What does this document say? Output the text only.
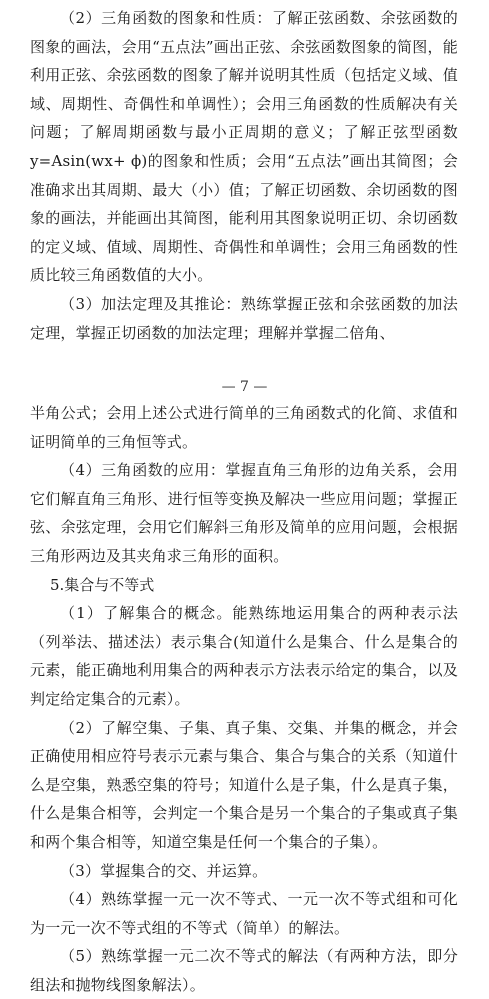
（2）三角函数的图象和性质：了解正弦函数、余弦函数的图象的画法，会用“五点法”画出正弦、余弦函数图象的简图，能利用正弦、余弦函数的图象了解并说明其性质（包括定义域、值域、周期性、奇偶性和单调性）；会用三角函数的性质解决有关问题；了解周期函数与最小正周期的意义；了解正弦型函数 y=Asin(wx+ ϕ)的图象和性质；会用“五点法”画出其简图；会准确求出其周期、最大（小）值；了解正切函数、余切函数的图象的画法，并能画出其简图，能利用其图象说明正切、余切函数的定义域、值域、周期性、奇偶性和单调性；会用三角函数的性质比较三角函数值的大小。

（3）加法定理及其推论：熟练掌握正弦和余弦函数的加法定理，掌握正切函数的加法定理；理解并掌握二倍角、

— 7 —

半角公式；会用上述公式进行简单的三角函数式的化简、求值和证明简单的三角恒等式。

（4）三角函数的应用：掌握直角三角形的边角关系，会用它们解直角三角形、进行恒等变换及解决一些应用问题；掌握正弦、余弦定理，会用它们解斜三角形及简单的应用问题，会根据三角形两边及其夹角求三角形的面积。

5.集合与不等式

（1）了解集合的概念。能熟练地运用集合的两种表示法（列举法、描述法）表示集合(知道什么是集合、什么是集合的元素，能正确地利用集合的两种表示方法表示给定的集合，以及判定给定集合的元素）。

（2）了解空集、子集、真子集、交集、并集的概念，并会正确使用相应符号表示元素与集合、集合与集合的关系（知道什么是空集，熟悉空集的符号；知道什么是子集，什么是真子集，什么是集合相等，会判定一个集合是另一个集合的子集或真子集和两个集合相等，知道空集是任何一个集合的子集）。

（3）掌握集合的交、并运算。

（4）熟练掌握一元一次不等式、一元一次不等式组和可化为一元一次不等式组的不等式（简单）的解法。

（5）熟练掌握一元二次不等式的解法（有两种方法，即分组法和抛物线图象解法）。
